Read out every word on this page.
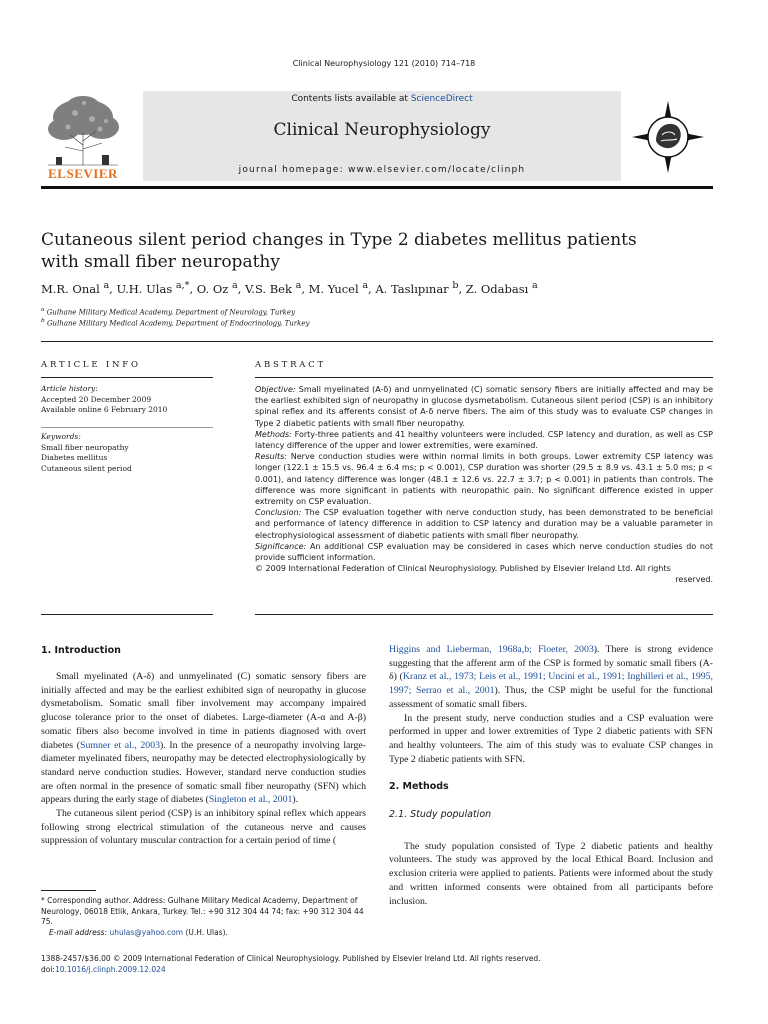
Clinical Neurophysiology 121 (2010) 714–718
ELSEVIER
Contents lists available at ScienceDirect
Clinical Neurophysiology
journal homepage: www.elsevier.com/locate/clinph
Cutaneous silent period changes in Type 2 diabetes mellitus patients
with small fiber neuropathy
M.R. Onal $^a$, U.H. Ulas $^{a,*}$, O. Oz $^a$, V.S. Bek $^a$, M. Yucel $^a$, A. Taslıpınar $^b$, Z. Odabası $^a$
$^a$ Gulhane Military Medical Academy, Department of Neurology, Turkey
$^b$ Gulhane Military Medical Academy, Department of Endocrinology, Turkey
ARTICLE INFO	ABSTRACT
Article history:
Accepted 20 December 2009
Available online 6 February 2010
Keywords:
Small fiber neuropathy
Diabetes mellitus
Cutaneous silent period

Objective: Small myelinated (A-δ) and unmyelinated (C) somatic sensory fibers are initially affected and may be the earliest exhibited sign of neuropathy in glucose dysmetabolism. Cutaneous silent period (CSP) is an inhibitory spinal reflex and its afferents consist of A-δ nerve fibers. The aim of this study was to evaluate CSP changes in Type 2 diabetic patients with small fiber neuropathy.

Methods: Forty-three patients and 41 healthy volunteers were included. CSP latency and duration, as well as CSP latency difference of the upper and lower extremities, were examined.

Results: Nerve conduction studies were within normal limits in both groups. Lower extremity CSP latency was longer (122.1 ± 15.5 vs. 96.4 ± 6.4 ms; p < 0.001), CSP duration was shorter (29.5 ± 8.9 vs. 43.1 ± 5.0 ms; p < 0.001), and latency difference was longer (48.1 ± 12.6 vs. 22.7 ± 3.7; p < 0.001) in patients than controls. The difference was more significant in patients with neuropathic pain. No significant difference existed in upper extremity on CSP evaluation.

Conclusion: The CSP evaluation together with nerve conduction study, has been demonstrated to be beneficial and performance of latency difference in addition to CSP latency and duration may be a valuable parameter in electrophysiological assessment of diabetic patients with small fiber neuropathy.

Significance: An additional CSP evaluation may be considered in cases which nerve conduction studies do not provide sufficient information.

© 2009 International Federation of Clinical Neurophysiology. Published by Elsevier Ireland Ltd. All rights

reserved.

1. Introduction

Small myelinated (A-δ) and unmyelinated (C) somatic sensory fibers are initially affected and may be the earliest exhibited sign of neuropathy in glucose dysmetabolism. Somatic small fiber involvement may accompany impaired glucose tolerance prior to the onset of diabetes. Large-diameter (A-α and A-β) somatic fibers also become involved in time in patients diagnosed with overt diabetes (Sumner et al., 2003). In the presence of a neuropathy involving large-diameter myelinated fibers, neuropathy may be detected electrophysiologically by standard nerve conduction studies. However, standard nerve conduction studies are often normal in the presence of somatic small fiber neuropathy (SFN) which appears during the early stage of diabetes (Singleton et al., 2001).

The cutaneous silent period (CSP) is an inhibitory spinal reflex which appears following strong electrical stimulation of the cutaneous nerve and causes suppression of voluntary muscular contraction for a certain period of time (

Higgins and Lieberman, 1968a,b; Floeter, 2003). There is strong evidence suggesting that the afferent arm of the CSP is formed by somatic small fibers (A-δ) (Kranz et al., 1973; Leis et al., 1991; Uncini et al., 1991; Inghilleri et al., 1995, 1997; Serrao et al., 2001). Thus, the CSP might be useful for the functional assessment of somatic small fibers.

In the present study, nerve conduction studies and a CSP evaluation were performed in upper and lower extremities of Type 2 diabetic patients with SFN and healthy volunteers. The aim of this study was to evaluate CSP changes in Type 2 diabetic patients with SFN.

2. Methods
2.1. Study population

The study population consisted of Type 2 diabetic patients and healthy volunteers. The study was approved by the local Ethical Board. Inclusion and exclusion criteria were applied to patients. Patients were informed about the study and written informed consents were obtained from all participants before inclusion.

* Corresponding author. Address: Gulhane Military Medical Academy, Department of Neurology, 06018 Etlik, Ankara, Turkey. Tel.: +90 312 304 44 74; fax: +90 312 304 44 75.
E-mail address: uhulas@yahoo.com (U.H. Ulas).
1388-2457/$36.00 © 2009 International Federation of Clinical Neurophysiology. Published by Elsevier Ireland Ltd. All rights reserved.
doi:10.1016/j.clinph.2009.12.024
